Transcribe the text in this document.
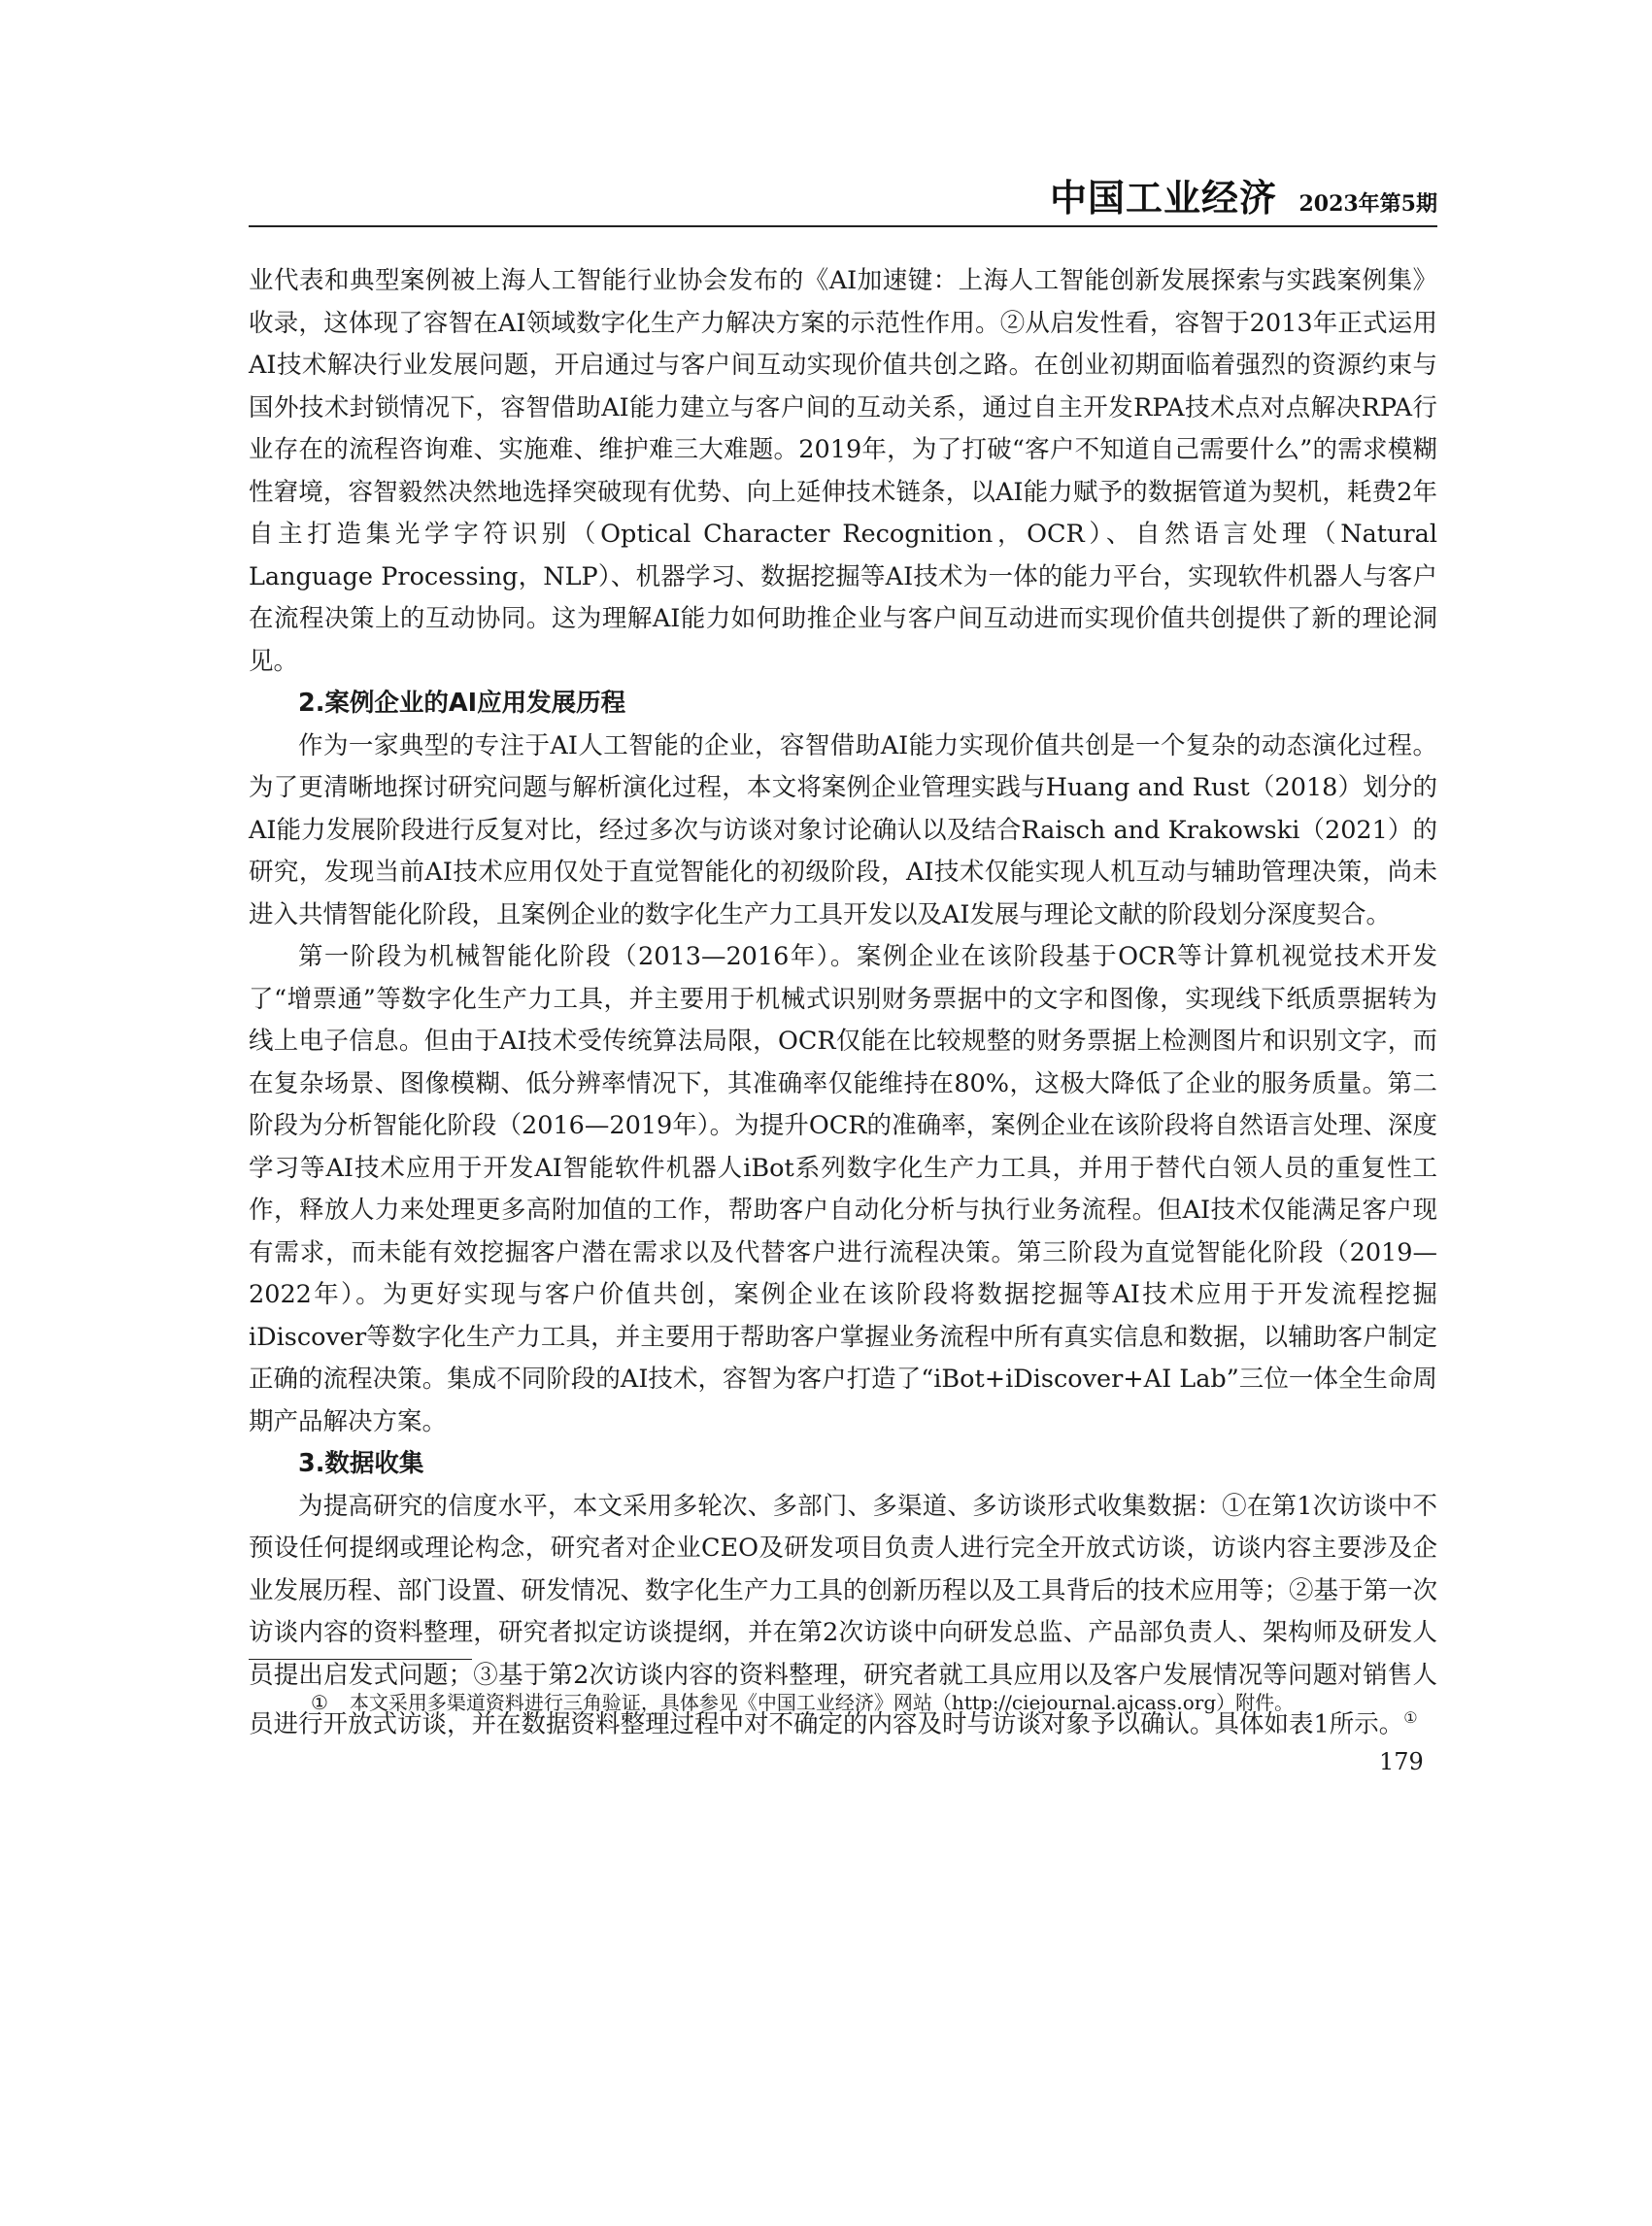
中国工业经济 2023年第5期

业代表和典型案例被上海人工智能行业协会发布的《AI加速键：上海人工智能创新发展探索与实践案例集》收录，这体现了容智在AI领域数字化生产力解决方案的示范性作用。②从启发性看，容智于2013年正式运用AI技术解决行业发展问题，开启通过与客户间互动实现价值共创之路。在创业初期面临着强烈的资源约束与国外技术封锁情况下，容智借助AI能力建立与客户间的互动关系，通过自主开发RPA技术点对点解决RPA行业存在的流程咨询难、实施难、维护难三大难题。2019年，为了打破“客户不知道自己需要什么”的需求模糊性窘境，容智毅然决然地选择突破现有优势、向上延伸技术链条，以AI能力赋予的数据管道为契机，耗费2年自主打造集光学字符识别（Optical Character Recognition，OCR）、自然语言处理（Natural Language Processing，NLP）、机器学习、数据挖掘等AI技术为一体的能力平台，实现软件机器人与客户在流程决策上的互动协同。这为理解AI能力如何助推企业与客户间互动进而实现价值共创提供了新的理论洞见。

2.案例企业的AI应用发展历程

作为一家典型的专注于AI人工智能的企业，容智借助AI能力实现价值共创是一个复杂的动态演化过程。为了更清晰地探讨研究问题与解析演化过程，本文将案例企业管理实践与Huang and Rust（2018）划分的AI能力发展阶段进行反复对比，经过多次与访谈对象讨论确认以及结合Raisch and Krakowski（2021）的研究，发现当前AI技术应用仅处于直觉智能化的初级阶段，AI技术仅能实现人机互动与辅助管理决策，尚未进入共情智能化阶段，且案例企业的数字化生产力工具开发以及AI发展与理论文献的阶段划分深度契合。

第一阶段为机械智能化阶段（2013—2016年）。案例企业在该阶段基于OCR等计算机视觉技术开发了“增票通”等数字化生产力工具，并主要用于机械式识别财务票据中的文字和图像，实现线下纸质票据转为线上电子信息。但由于AI技术受传统算法局限，OCR仅能在比较规整的财务票据上检测图片和识别文字，而在复杂场景、图像模糊、低分辨率情况下，其准确率仅能维持在80%，这极大降低了企业的服务质量。第二阶段为分析智能化阶段（2016—2019年）。为提升OCR的准确率，案例企业在该阶段将自然语言处理、深度学习等AI技术应用于开发AI智能软件机器人iBot系列数字化生产力工具，并用于替代白领人员的重复性工作，释放人力来处理更多高附加值的工作，帮助客户自动化分析与执行业务流程。但AI技术仅能满足客户现有需求，而未能有效挖掘客户潜在需求以及代替客户进行流程决策。第三阶段为直觉智能化阶段（2019—2022年）。为更好实现与客户价值共创，案例企业在该阶段将数据挖掘等AI技术应用于开发流程挖掘iDiscover等数字化生产力工具，并主要用于帮助客户掌握业务流程中所有真实信息和数据，以辅助客户制定正确的流程决策。集成不同阶段的AI技术，容智为客户打造了“iBot+iDiscover+AI Lab”三位一体全生命周期产品解决方案。

3.数据收集

为提高研究的信度水平，本文采用多轮次、多部门、多渠道、多访谈形式收集数据：①在第1次访谈中不预设任何提纲或理论构念，研究者对企业CEO及研发项目负责人进行完全开放式访谈，访谈内容主要涉及企业发展历程、部门设置、研发情况、数字化生产力工具的创新历程以及工具背后的技术应用等；②基于第一次访谈内容的资料整理，研究者拟定访谈提纲，并在第2次访谈中向研发总监、产品部负责人、架构师及研发人员提出启发式问题；③基于第2次访谈内容的资料整理，研究者就工具应用以及客户发展情况等问题对销售人员进行开放式访谈，并在数据资料整理过程中对不确定的内容及时与访谈对象予以确认。具体如表1所示。①

① 本文采用多渠道资料进行三角验证，具体参见《中国工业经济》网站（http://ciejournal.ajcass.org）附件。
179
